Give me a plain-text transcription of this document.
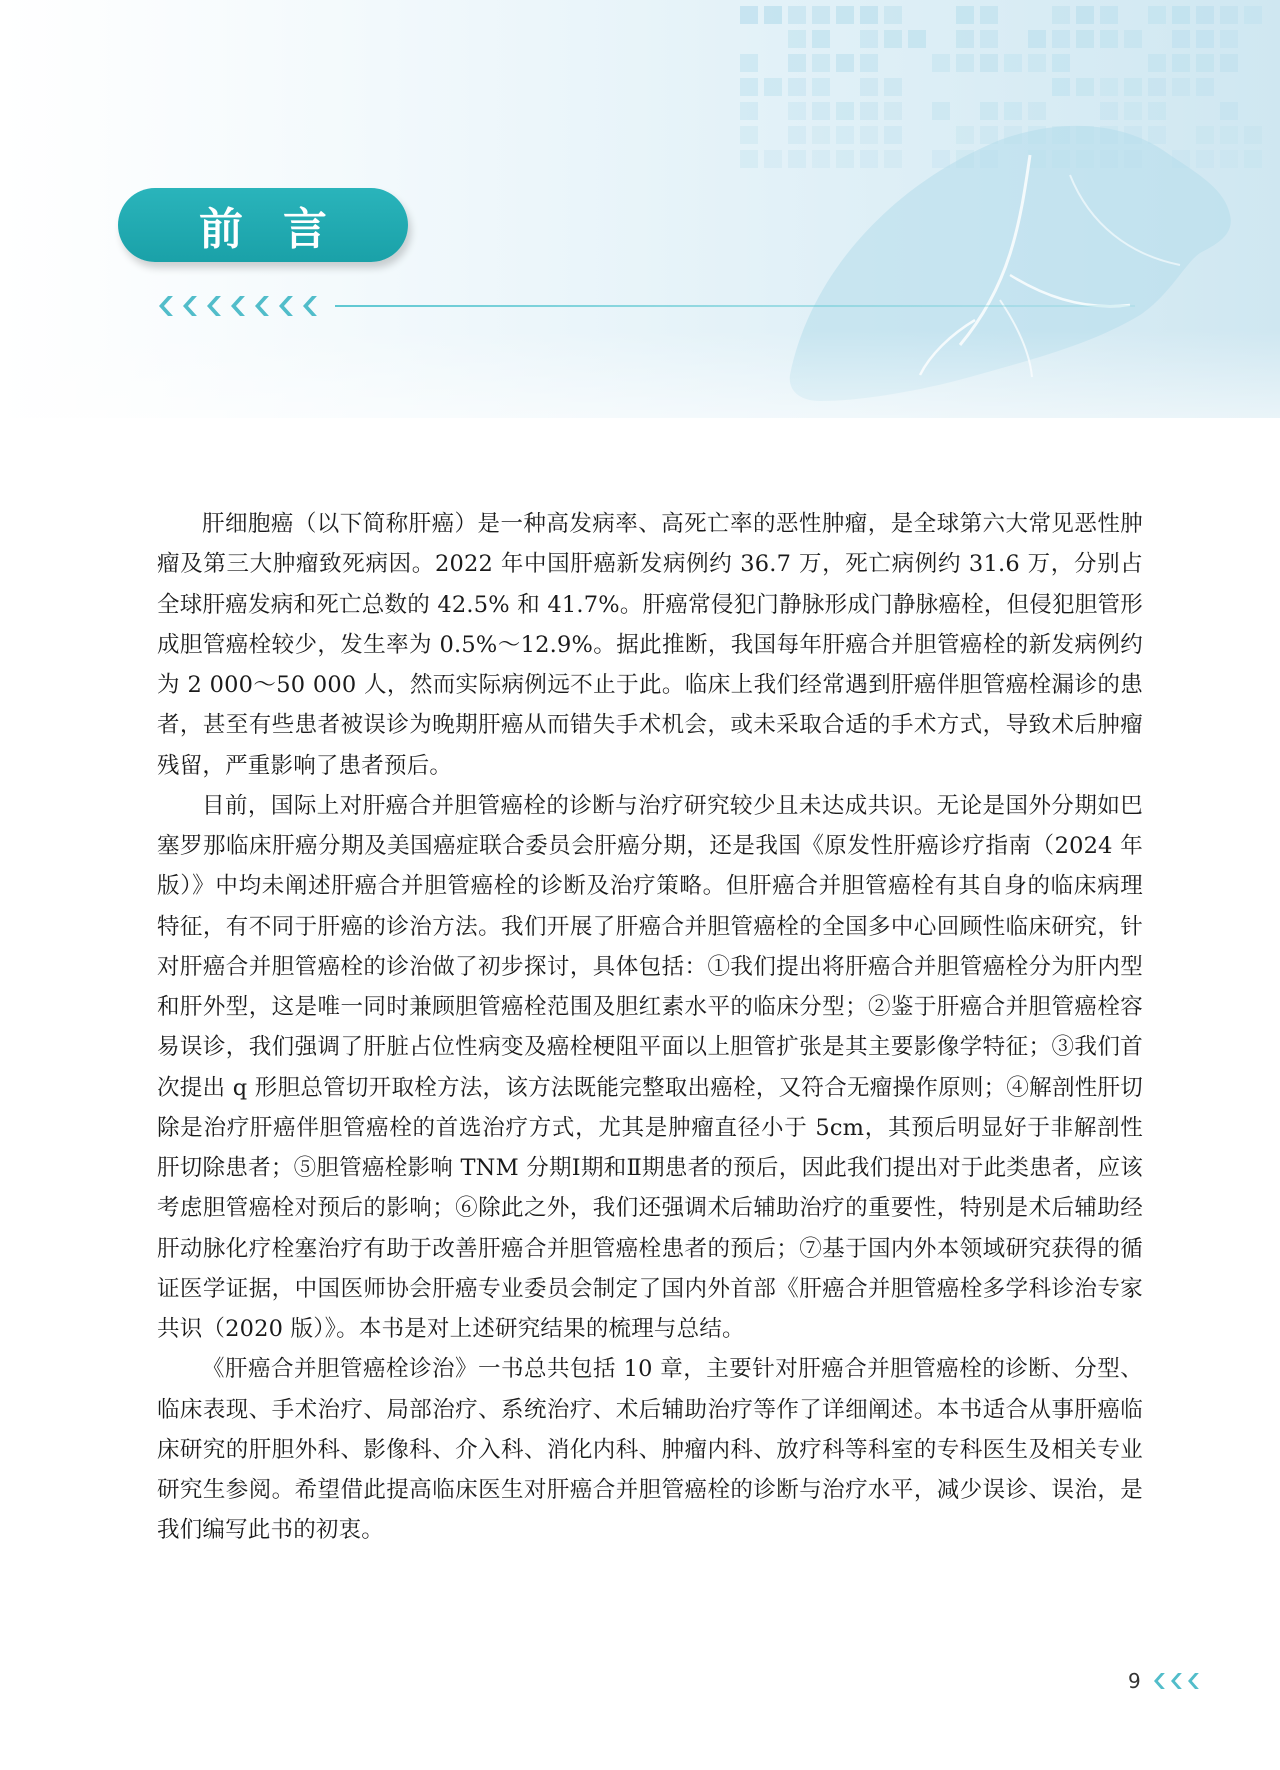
前言

肝细胞癌（以下简称肝癌）是一种高发病率、高死亡率的恶性肿瘤，是全球第六大常见恶性肿瘤及第三大肿瘤致死病因。2022 年中国肝癌新发病例约 36.7 万，死亡病例约 31.6 万，分别占全球肝癌发病和死亡总数的 42.5% 和 41.7%。肝癌常侵犯门静脉形成门静脉癌栓，但侵犯胆管形成胆管癌栓较少，发生率为 0.5%～12.9%。据此推断，我国每年肝癌合并胆管癌栓的新发病例约为 2 000～50 000 人，然而实际病例远不止于此。临床上我们经常遇到肝癌伴胆管癌栓漏诊的患者，甚至有些患者被误诊为晚期肝癌从而错失手术机会，或未采取合适的手术方式，导致术后肿瘤残留，严重影响了患者预后。

目前，国际上对肝癌合并胆管癌栓的诊断与治疗研究较少且未达成共识。无论是国外分期如巴塞罗那临床肝癌分期及美国癌症联合委员会肝癌分期，还是我国《原发性肝癌诊疗指南（2024 年版）》中均未阐述肝癌合并胆管癌栓的诊断及治疗策略。但肝癌合并胆管癌栓有其自身的临床病理特征，有不同于肝癌的诊治方法。我们开展了肝癌合并胆管癌栓的全国多中心回顾性临床研究，针对肝癌合并胆管癌栓的诊治做了初步探讨，具体包括：①我们提出将肝癌合并胆管癌栓分为肝内型和肝外型，这是唯一同时兼顾胆管癌栓范围及胆红素水平的临床分型；②鉴于肝癌合并胆管癌栓容易误诊，我们强调了肝脏占位性病变及癌栓梗阻平面以上胆管扩张是其主要影像学特征；③我们首次提出 q 形胆总管切开取栓方法，该方法既能完整取出癌栓，又符合无瘤操作原则；④解剖性肝切除是治疗肝癌伴胆管癌栓的首选治疗方式，尤其是肿瘤直径小于 5cm，其预后明显好于非解剖性肝切除患者；⑤胆管癌栓影响 TNM 分期Ⅰ期和Ⅱ期患者的预后，因此我们提出对于此类患者，应该考虑胆管癌栓对预后的影响；⑥除此之外，我们还强调术后辅助治疗的重要性，特别是术后辅助经肝动脉化疗栓塞治疗有助于改善肝癌合并胆管癌栓患者的预后；⑦基于国内外本领域研究获得的循证医学证据，中国医师协会肝癌专业委员会制定了国内外首部《肝癌合并胆管癌栓多学科诊治专家共识（2020 版）》。本书是对上述研究结果的梳理与总结。

《肝癌合并胆管癌栓诊治》一书总共包括 10 章，主要针对肝癌合并胆管癌栓的诊断、分型、临床表现、手术治疗、局部治疗、系统治疗、术后辅助治疗等作了详细阐述。本书适合从事肝癌临床研究的肝胆外科、影像科、介入科、消化内科、肿瘤内科、放疗科等科室的专科医生及相关专业研究生参阅。希望借此提高临床医生对肝癌合并胆管癌栓的诊断与治疗水平，减少误诊、误治，是我们编写此书的初衷。

9
